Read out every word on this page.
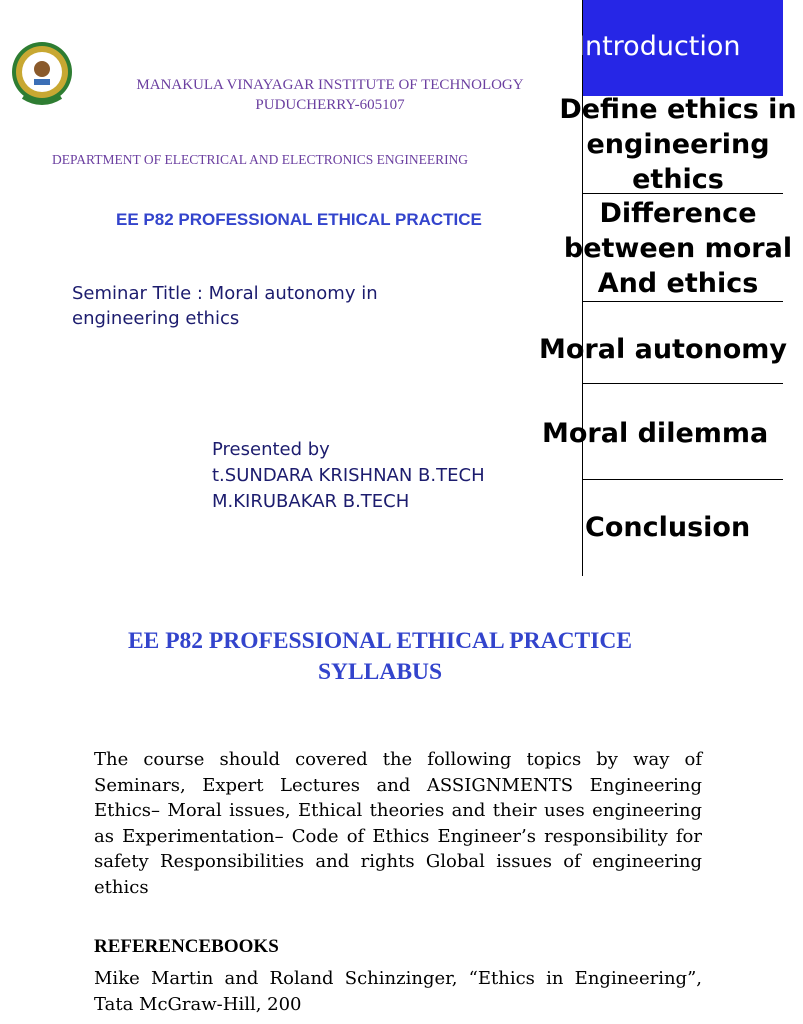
MANAKULA VINAYAGAR INSTITUTE OF TECHNOLOGY
PUDUCHERRY-605107
DEPARTMENT OF ELECTRICAL AND ELECTRONICS ENGINEERING
EE P82 PROFESSIONAL ETHICAL PRACTICE
Seminar Title : Moral autonomy in
engineering ethics
Presented by
t.SUNDARA KRISHNAN B.TECH
M.KIRUBAKAR B.TECH
Introduction
Define ethics in
engineering
ethics
Difference
between moral
And ethics
Moral autonomy
Moral dilemma
Conclusion
EE P82 PROFESSIONAL ETHICAL PRACTICE
SYLLABUS
The course should covered the following topics by way of Seminars, Expert Lectures and ASSIGNMENTS Engineering Ethics– Moral issues, Ethical theories and their uses engineering as Experimentation– Code of Ethics Engineer’s responsibility for safety Responsibilities and rights Global issues of engineering ethics
REFERENCEBOOKS
Mike Martin and Roland Schinzinger, “Ethics in Engineering”, Tata McGraw-Hill, 200
